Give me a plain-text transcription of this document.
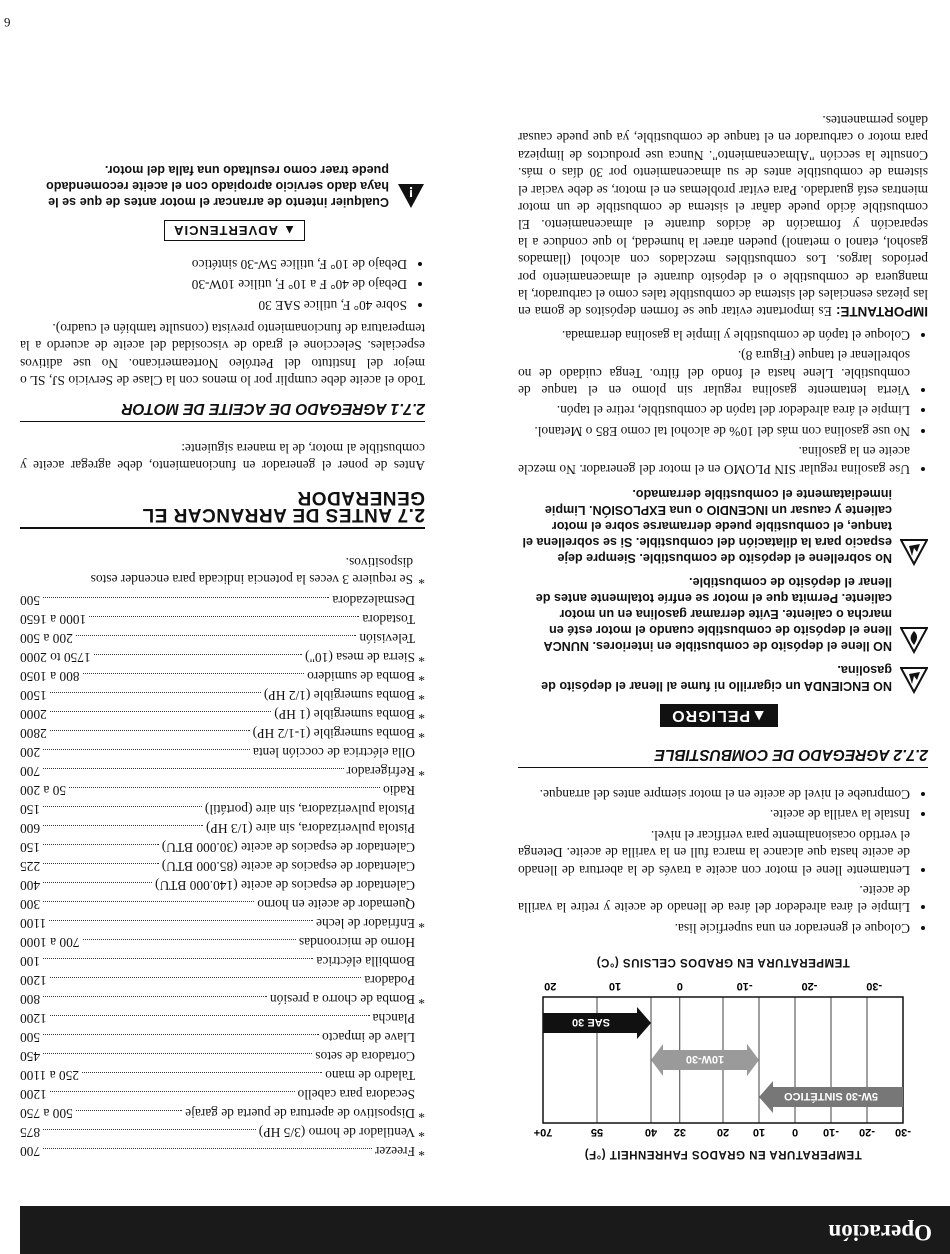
Operación
*
Freezer
700
*
Ventilador de horno (3/5 HP)
875
*
Dispositivo de apertura de puerta de garaje
500 a 750
Secadora para cabello
1200
Taladro de mano
250 a 1100
Cortadora de setos
450
Llave de impacto
500
Plancha
1200
*
Bomba de chorro a presión
800
Podadora
1200
Bombilla eléctrica
100
Horno de microondas
700 a 1000
*
Enfriador de leche
1100
Quemador de aceite en horno
300
Calentador de espacios de aceite (140.000 BTU)
400
Calentador de espacios de aceite (85.000 BTU)
225
Calentador de espacios de aceite (30.000 BTU)
150
Pistola pulverizadora, sin aire (1/3 HP)
600
Pistola pulverizadora, sin aire (portátil)
150
Radio
50 a 200
*
Refrigerador
700
Olla eléctrica de cocción lenta
200
*
Bomba sumergible (1-1/2 HP)
2800
*
Bomba sumergible (1 HP)
2000
*
Bomba sumergible (1/2 HP)
1500
*
Bomba de sumidero
800 a 1050
*
Sierra de mesa (10")
1750 to 2000
Televisión
200 a 500
Tostadora
1000 a 1650
Desmalezadora
500
*
Se requiere 3 veces la potencia indicada para encender estos dispositivos.
2.7 ANTES DE ARRANCAR EL GENERADOR

Antes de poner el generador en funcionamiento, debe agregar aceite y combustible al motor, de la manera siguiente:

2.7.1 AGREGADO DE ACEITE DE MOTOR

Todo el aceite debe cumplir por lo menos con la Clase de Servicio SJ, SL o mejor del Instituto del Petróleo Norteamericano. No use aditivos especiales. Seleccione el grado de viscosidad del aceite de acuerdo a la temperatura de funcionamiento prevista (consulte también el cuadro).

• Sobre 40° F, utilice SAE 30
• Debajo de 40° F a 10° F, utilice 10W-30
• Debajo de 10° F, utilice 5W-30 sintético
▲ ADVERTENCIA
!
Cualquier intento de arrancar el motor antes de que se le haya dado servicio apropiado con el aceite recomendado puede traer como resultado una falla del motor.
TEMPERATURA EN GRADOS FAHRENHEIT (°F)
-30
-20
-10
0
10
20
32
40
55
70+
-30
-20
-10
0
10
20
5W-30 SINTÉTICO
10W-30
SAE 30
TEMPERATURA EN GRADOS CELSIUS (°C)
• Coloque el generador en una superficie lisa.
• Limpie el área alrededor del área de llenado de aceite y retire la varilla de aceite.
• Lentamente llene el motor con aceite a través de la abertura de llenado de aceite hasta que alcance la marca full en la varilla de aceite. Detenga el vertido ocasionalmente para verificar el nivel.
• Instale la varilla de aceite.
• Compruebe el nivel de aceite en el motor siempre antes del arranque.
2.7.2 AGREGADO DE COMBUSTIBLE
▲PELIGRO
NO ENCIENDA un cigarrillo ni fume al llenar el depósito de gasolina.
NO llene el depósito de combustible en interiores. NUNCA llene el depósito de combustible cuando el motor esté en marcha o caliente. Evite derramar gasolina en un motor caliente. Permita que el motor se enfríe totalmente antes de llenar el depósito de combustible.
No sobrellene el depósito de combustible. Siempre deje espacio para la dilatación del combustible. Si se sobrellena el tanque, el combustible puede derramarse sobre el motor caliente y causar un INCENDIO o una EXPLOSIÓN. Limpie inmediatamente el combustible derramado.
• Use gasolina regular SIN PLOMO en el motor del generador. No mezcle aceite en la gasolina.
• No use gasolina con más del 10% de alcohol tal como E85 o Metanol.
• Limpie el área alrededor del tapón de combustible, retire el tapón.
• Vierta lentamente gasolina regular sin plomo en el tanque de combustible. Llene hasta el fondo del filtro. Tenga cuidado de no sobrellenar el tanque (Figura 8).
• Coloque el tapón de combustible y limpie la gasolina derramada.

IMPORTANTE: Es importante evitar que se formen depósitos de goma en las piezas esenciales del sistema de combustible tales como el carburador, la manguera de combustible o el depósito durante el almacenamiento por períodos largos. Los combustibles mezclados con alcohol (llamados gasohol, etanol o metanol) pueden atraer la humedad, lo que conduce a la separación y formación de ácidos durante el almacenamiento. El combustible ácido puede dañar el sistema de combustible de un motor mientras está guardado. Para evitar problemas en el motor, se debe vaciar el sistema de combustible antes de su almacenamiento por 30 días o más. Consulte la sección "Almacenamiento". Nunca use productos de limpieza para motor o carburador en el tanque de combustible, ya que puede causar daños permanentes.

6
